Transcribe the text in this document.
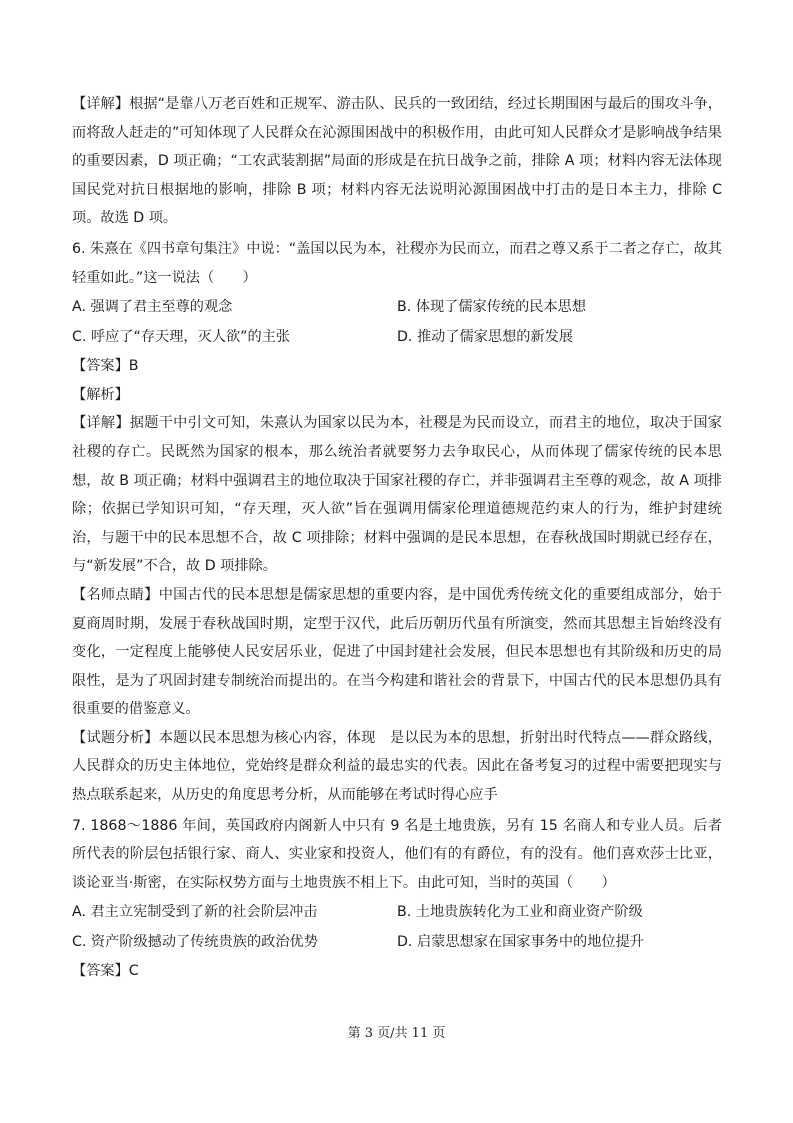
【详解】根据“是靠八万老百姓和正规军、游击队、民兵的一致团结，经过长期围困与最后的围攻斗争，而将敌人赶走的”可知体现了人民群众在沁源围困战中的积极作用，由此可知人民群众才是影响战争结果的重要因素，D 项正确；“工农武装割据”局面的形成是在抗日战争之前，排除 A 项；材料内容无法体现国民党对抗日根据地的影响，排除 B 项；材料内容无法说明沁源围困战中打击的是日本主力，排除 C 项。故选 D 项。

6. 朱熹在《四书章句集注》中说：“盖国以民为本，社稷亦为民而立，而君之尊又系于二者之存亡，故其轻重如此。”这一说法（　　）

A. 强调了君主至尊的观念	B. 体现了儒家传统的民本思想
C. 呼应了“存天理，灭人欲”的主张	D. 推动了儒家思想的新发展

【答案】B

【解析】

【详解】据题干中引文可知，朱熹认为国家以民为本，社稷是为民而设立，而君主的地位，取决于国家社稷的存亡。民既然为国家的根本，那么统治者就要努力去争取民心，从而体现了儒家传统的民本思想，故 B 项正确；材料中强调君主的地位取决于国家社稷的存亡，并非强调君主至尊的观念，故 A 项排除；依据已学知识可知，“存天理，灭人欲”旨在强调用儒家伦理道德规范约束人的行为，维护封建统治，与题干中的民本思想不合，故 C 项排除；材料中强调的是民本思想，在春秋战国时期就已经存在，与“新发展”不合，故 D 项排除。

【名师点睛】中国古代的民本思想是儒家思想的重要内容，是中国优秀传统文化的重要组成部分，始于夏商周时期，发展于春秋战国时期，定型于汉代，此后历朝历代虽有所演变，然而其思想主旨始终没有变化，一定程度上能够使人民安居乐业，促进了中国封建社会发展，但民本思想也有其阶级和历史的局限性，是为了巩固封建专制统治而提出的。在当今构建和谐社会的背景下，中国古代的民本思想仍具有很重要的借鉴意义。

【试题分析】本题以民本思想为核心内容，体现　是以民为本的思想，折射出时代特点——群众路线，人民群众的历史主体地位，党始终是群众利益的最忠实的代表。因此在备考复习的过程中需要把现实与热点联系起来，从历史的角度思考分析，从而能够在考试时得心应手

7. 1868～1886 年间，英国政府内阁新人中只有 9 名是土地贵族，另有 15 名商人和专业人员。后者所代表的阶层包括银行家、商人、实业家和投资人，他们有的有爵位，有的没有。他们喜欢莎士比亚，谈论亚当·斯密，在实际权势方面与土地贵族不相上下。由此可知，当时的英国（　　）

A. 君主立宪制受到了新的社会阶层冲击	B. 土地贵族转化为工业和商业资产阶级
C. 资产阶级撼动了传统贵族的政治优势	D. 启蒙思想家在国家事务中的地位提升

【答案】C

第 3 页/共 11 页
